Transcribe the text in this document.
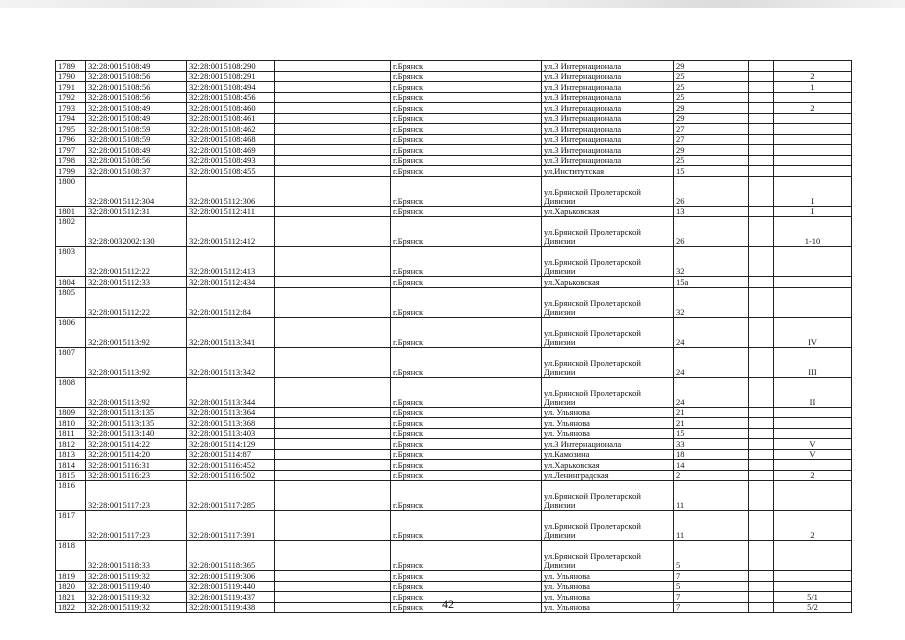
1789	32:28:0015108:49	32:28:0015108:290		г.Брянск	ул.3 Интернационала	29		
1790	32:28:0015108:56	32:28:0015108:291		г.Брянск	ул.3 Интернационала	25		2
1791	32:28:0015108:56	32:28:0015108:494		г.Брянск	ул.3 Интернационала	25		1
1792	32:28:0015108:56	32:28:0015108:456		г.Брянск	ул.3 Интернационала	25		
1793	32:28:0015108:49	32:28:0015108:460		г.Брянск	ул.3 Интернационала	29		2
1794	32:28:0015108:49	32:28:0015108:461		г.Брянск	ул.3 Интернационала	29		
1795	32:28:0015108:59	32:28:0015108:462		г.Брянск	ул.3 Интернационала	27		
1796	32:28:0015108:59	32:28:0015108:468		г.Брянск	ул.3 Интернационала	27		
1797	32:28:0015108:49	32:28:0015108:469		г.Брянск	ул.3 Интернационала	29		
1798	32:28:0015108:56	32:28:0015108:493		г.Брянск	ул.3 Интернационала	25		
1799	32:28:0015108:37	32:28:0015108:455		г.Брянск	ул.Институтская	15		
1800	32:28:0015112:304	32:28:0015112:306		г.Брянск	ул.Брянской Пролетарской Дивизии	26		I
1801	32:28:0015112:31	32:28:0015112:411		г.Брянск	ул.Харьковская	13		I
1802	32:28:0032002:130	32:28:0015112:412		г.Брянск	ул.Брянской Пролетарской Дивизии	26		1-10
1803	32:28:0015112:22	32:28:0015112:413		г.Брянск	ул.Брянской Пролетарской Дивизии	32		
1804	32:28:0015112:33	32:28:0015112:434		г.Брянск	ул.Харьковская	15а		
1805	32:28:0015112:22	32:28:0015112:84		г.Брянск	ул.Брянской Пролетарской Дивизии	32		
1806	32:28:0015113:92	32:28:0015113:341		г.Брянск	ул.Брянской Пролетарской Дивизии	24		IV
1807	32:28:0015113:92	32:28:0015113:342		г.Брянск	ул.Брянской Пролетарской Дивизии	24		III
1808	32:28:0015113:92	32:28:0015113:344		г.Брянск	ул.Брянской Пролетарской Дивизии	24		II
1809	32:28:0015113:135	32:28:0015113:364		г.Брянск	ул. Ульянова	21		
1810	32:28:0015113:135	32:28:0015113:368		г.Брянск	ул. Ульянова	21		
1811	32:28:0015113:140	32:28:0015113:403		г.Брянск	ул. Ульянова	15		
1812	32:28:0015114:22	32:28:0015114:129		г.Брянск	ул.3 Интернационала	33		V
1813	32:28:0015114:20	32:28:0015114:87		г.Брянск	ул.Камозина	18		V
1814	32:28:0015116:31	32:28:0015116:452		г.Брянск	ул.Харьковская	14		
1815	32:28:0015116:23	32:28:0015116:502		г.Брянск	ул.Ленинградская	2		2
1816	32:28:0015117:23	32:28:0015117:285		г.Брянск	ул.Брянской Пролетарской Дивизии	11		
1817	32:28:0015117:23	32:28:0015117:391		г.Брянск	ул.Брянской Пролетарской Дивизии	11		2
1818	32:28:0015118:33	32:28:0015118:365		г.Брянск	ул.Брянской Пролетарской Дивизии	5		
1819	32:28:0015119:32	32:28:0015119:306		г.Брянск	ул. Ульянова	7		
1820	32:28:0015119:40	32:28:0015119:440		г.Брянск	ул. Ульянова	5		
1821	32:28:0015119:32	32:28:0015119:437		г.Брянск	ул. Ульянова	7		5/1
1822	32:28:0015119:32	32:28:0015119:438		г.Брянск	ул. Ульянова	7		5/2
42
